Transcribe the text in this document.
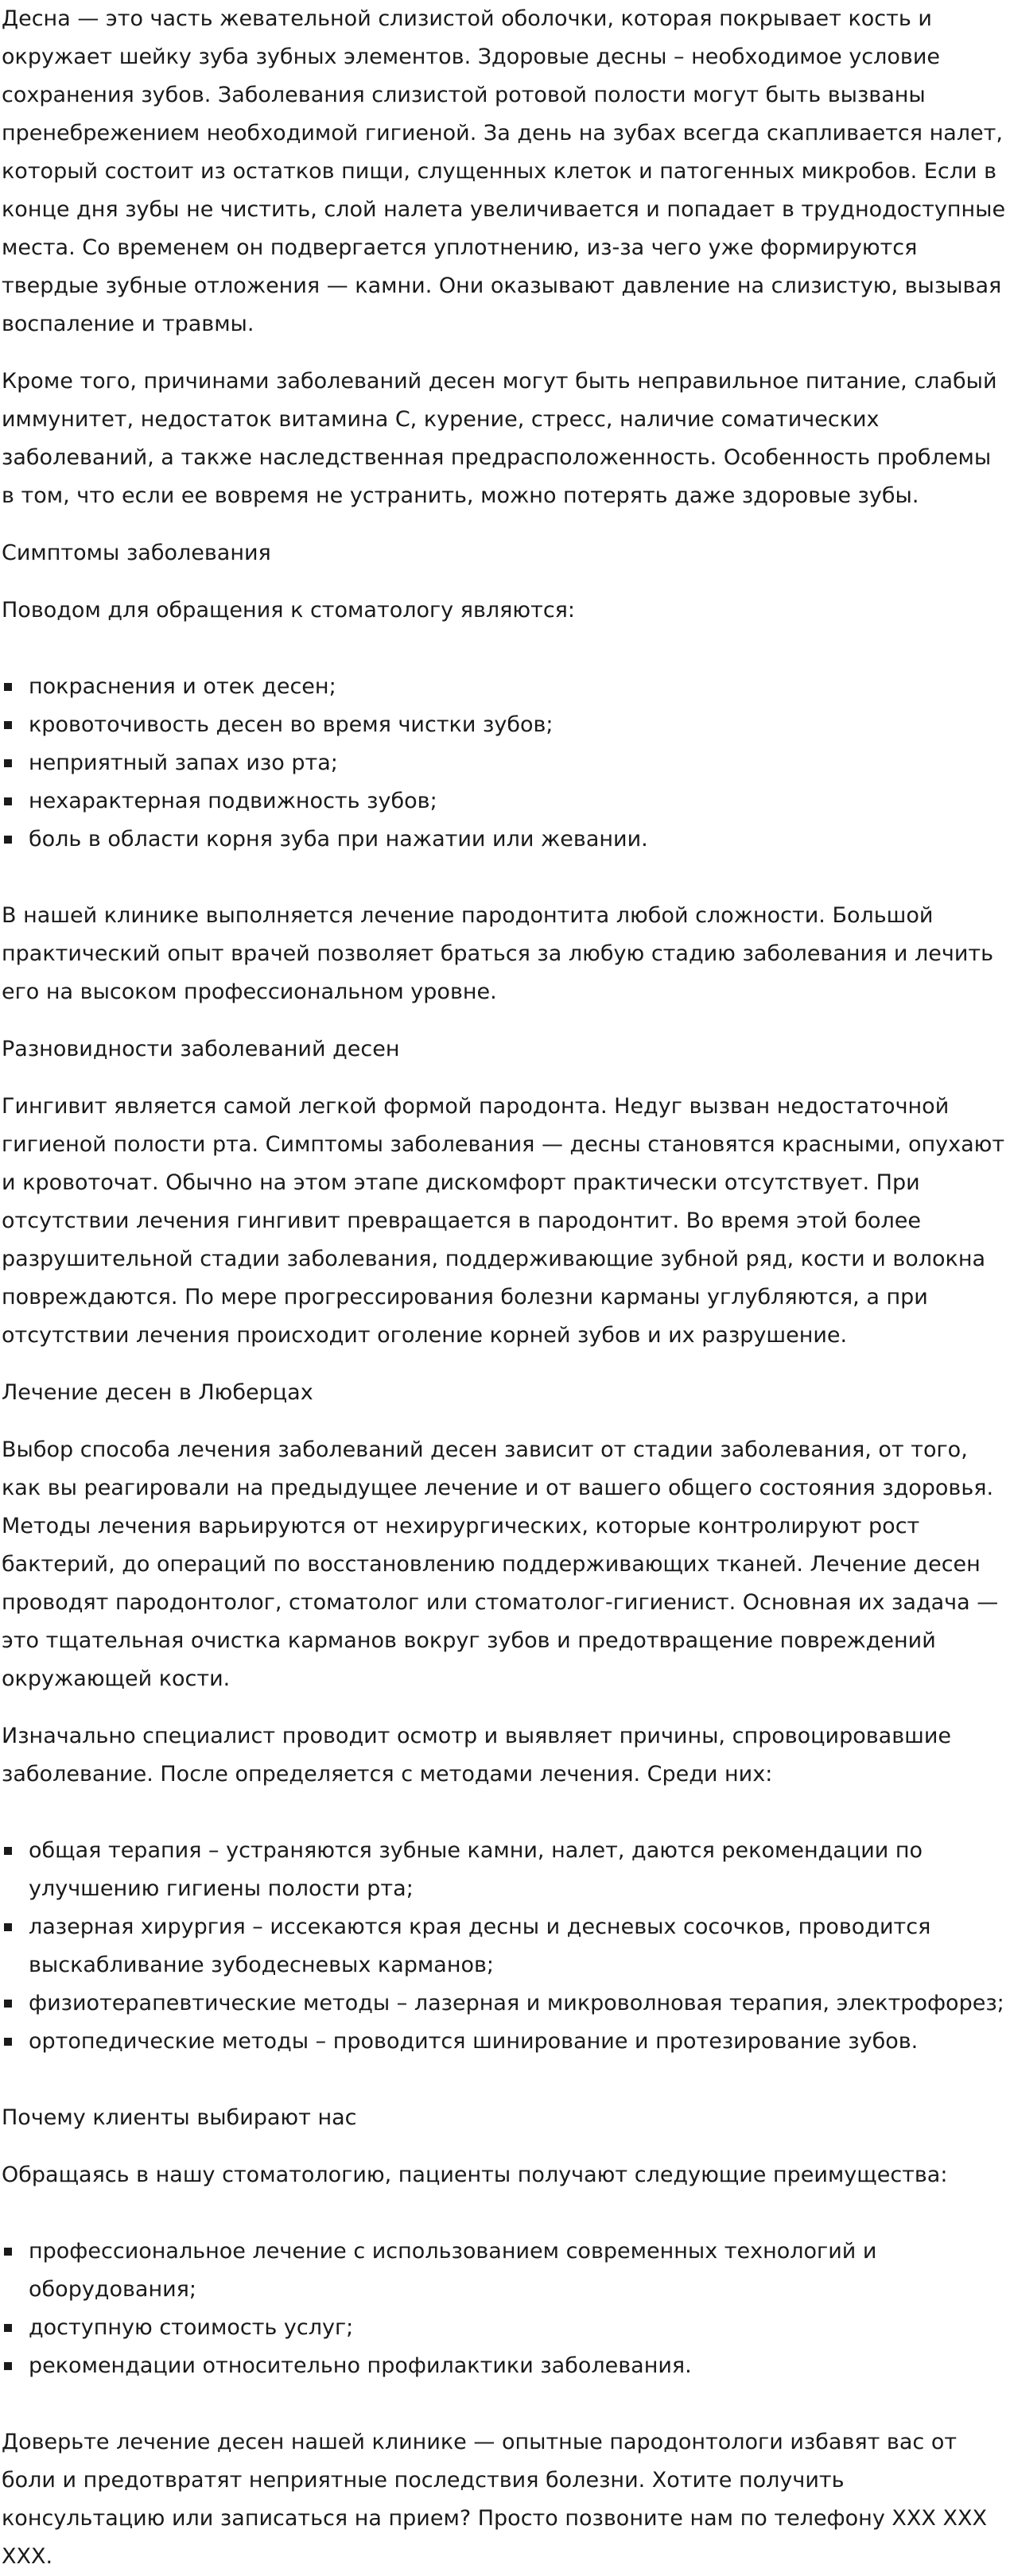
Десна — это часть жевательной слизистой оболочки, которая покрывает кость и окружает шейку зуба зубных элементов. Здоровые десны – необходимое условие сохранения зубов. Заболевания слизистой ротовой полости могут быть вызваны пренебрежением необходимой гигиеной. За день на зубах всегда скапливается налет, который состоит из остатков пищи, слущенных клеток и патогенных микробов. Если в конце дня зубы не чистить, слой налета увеличивается и попадает в труднодоступные места. Со временем он подвергается уплотнению, из-за чего уже формируются твердые зубные отложения — камни. Они оказывают давление на слизистую, вызывая воспаление и травмы.

Кроме того, причинами заболеваний десен могут быть неправильное питание, слабый иммунитет, недостаток витамина С, курение, стресс, наличие соматических заболеваний, а также наследственная предрасположенность. Особенность проблемы в том, что если ее вовремя не устранить, можно потерять даже здоровые зубы.

Симптомы заболевания

Поводом для обращения к стоматологу являются:

покраснения и отек десен;
кровоточивость десен во время чистки зубов;
неприятный запах изо рта;
нехарактерная подвижность зубов;
боль в области корня зуба при нажатии или жевании.

В нашей клинике выполняется лечение пародонтита любой сложности. Большой практический опыт врачей позволяет браться за любую стадию заболевания и лечить его на высоком профессиональном уровне.

Разновидности заболеваний десен

Гингивит является самой легкой формой пародонта. Недуг вызван недостаточной гигиеной полости рта. Симптомы заболевания — десны становятся красными, опухают и кровоточат. Обычно на этом этапе дискомфорт практически отсутствует. При отсутствии лечения гингивит превращается в пародонтит. Во время этой более разрушительной стадии заболевания, поддерживающие зубной ряд, кости и волокна повреждаются. По мере прогрессирования болезни карманы углубляются, а при отсутствии лечения происходит оголение корней зубов и их разрушение.

Лечение десен в Люберцах

Выбор способа лечения заболеваний десен зависит от стадии заболевания, от того, как вы реагировали на предыдущее лечение и от вашего общего состояния здоровья. Методы лечения варьируются от нехирургических, которые контролируют рост бактерий, до операций по восстановлению поддерживающих тканей. Лечение десен проводят пародонтолог, стоматолог или стоматолог-гигиенист. Основная их задача — это тщательная очистка карманов вокруг зубов и предотвращение повреждений окружающей кости.

Изначально специалист проводит осмотр и выявляет причины, спровоцировавшие заболевание. После определяется с методами лечения. Среди них:

общая терапия – устраняются зубные камни, налет, даются рекомендации по улучшению гигиены полости рта;
лазерная хирургия – иссекаются края десны и десневых сосочков, проводится выскабливание зубодесневых карманов;
физиотерапевтические методы – лазерная и микроволновая терапия, электрофорез;
ортопедические методы – проводится шинирование и протезирование зубов.

Почему клиенты выбирают нас

Обращаясь в нашу стоматологию, пациенты получают следующие преимущества:

профессиональное лечение с использованием современных технологий и оборудования;
доступную стоимость услуг;
рекомендации относительно профилактики заболевания.

Доверьте лечение десен нашей клинике — опытные пародонтологи избавят вас от боли и предотвратят неприятные последствия болезни. Хотите получить консультацию или записаться на прием? Просто позвоните нам по телефону XXX XXX XXX.
